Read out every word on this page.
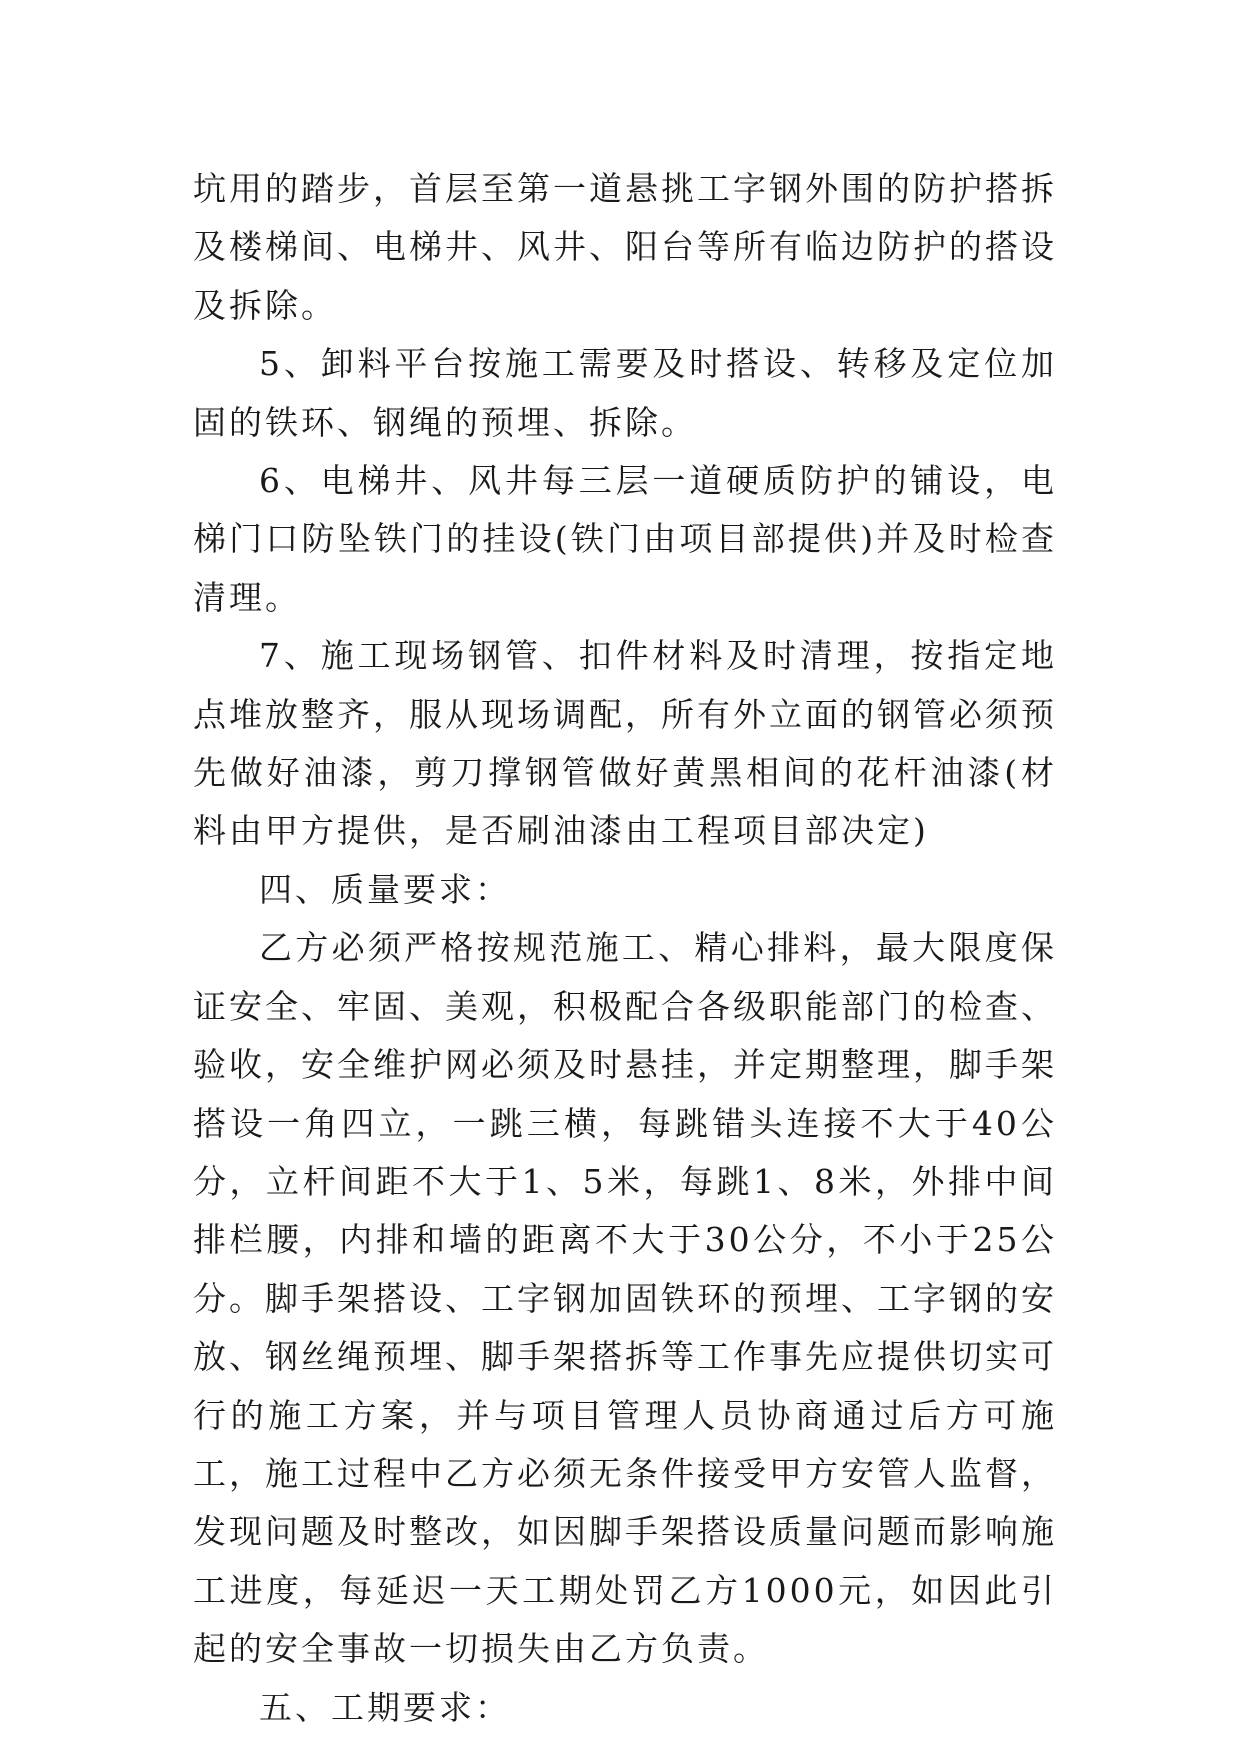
坑用的踏步，首层至第一道悬挑工字钢外围的防护搭拆及楼梯间、电梯井、风井、阳台等所有临边防护的搭设及拆除。

5、卸料平台按施工需要及时搭设、转移及定位加固的铁环、钢绳的预埋、拆除。

6、电梯井、风井每三层一道硬质防护的铺设，电梯门口防坠铁门的挂设(铁门由项目部提供)并及时检查清理。

7、施工现场钢管、扣件材料及时清理，按指定地点堆放整齐，服从现场调配，所有外立面的钢管必须预先做好油漆，剪刀撑钢管做好黄黑相间的花杆油漆(材料由甲方提供，是否刷油漆由工程项目部决定)

四、质量要求：

乙方必须严格按规范施工、精心排料，最大限度保证安全、牢固、美观，积极配合各级职能部门的检查、验收，安全维护网必须及时悬挂，并定期整理，脚手架搭设一角四立，一跳三横，每跳错头连接不大于40公分，立杆间距不大于1、5米，每跳1、8米，外排中间排栏腰，内排和墙的距离不大于30公分，不小于25公分。脚手架搭设、工字钢加固铁环的预埋、工字钢的安放、钢丝绳预埋、脚手架搭拆等工作事先应提供切实可行的施工方案，并与项目管理人员协商通过后方可施工，施工过程中乙方必须无条件接受甲方安管人监督，发现问题及时整改，如因脚手架搭设质量问题而影响施工进度，每延迟一天工期处罚乙方1000元，如因此引起的安全事故一切损失由乙方负责。

五、工期要求：
